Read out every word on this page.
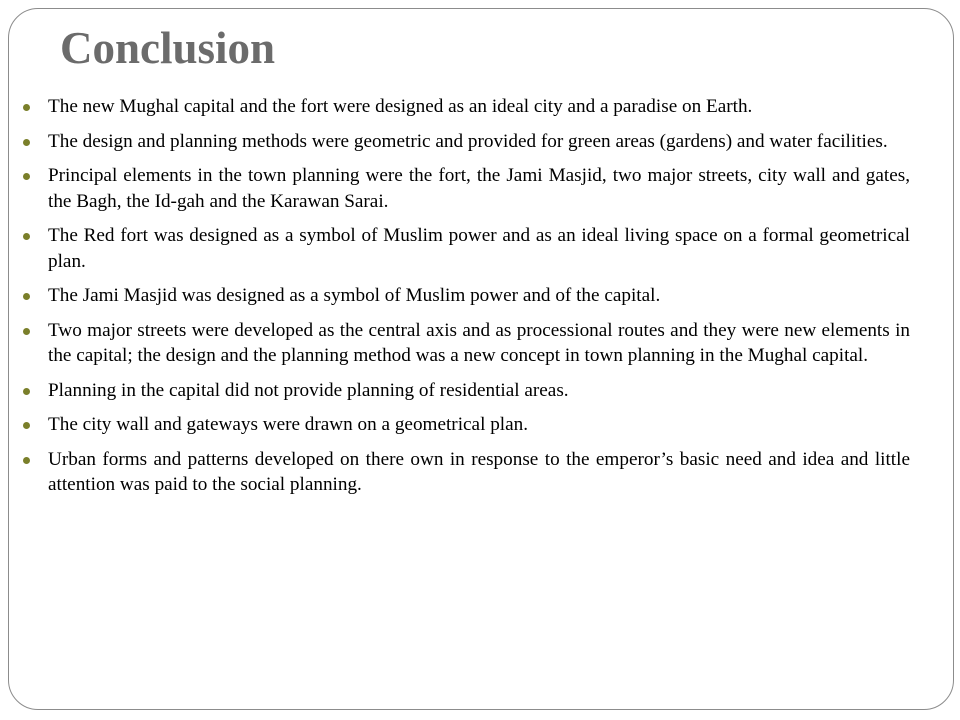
Conclusion
The new Mughal capital and the fort were designed as an ideal city and a paradise on Earth.
The design and planning methods were geometric and provided for green areas (gardens) and water facilities.
Principal elements in the town planning were the fort, the Jami Masjid, two major streets, city wall and gates, the Bagh, the Id-gah and the Karawan Sarai.
The Red fort was designed as a symbol of Muslim power and as an ideal living space on a formal geometrical plan.
The Jami Masjid was designed as a symbol of Muslim power and of the capital.
Two major streets were developed as the central axis and as processional routes and they were new elements in the capital; the design and the planning method was a new concept in town planning in the Mughal capital.
Planning in the capital did not provide planning of residential areas.
The city wall and gateways were drawn on a geometrical plan.
Urban forms and patterns developed on there own in response to the emperor’s basic need and idea and little attention was paid to the social planning.
